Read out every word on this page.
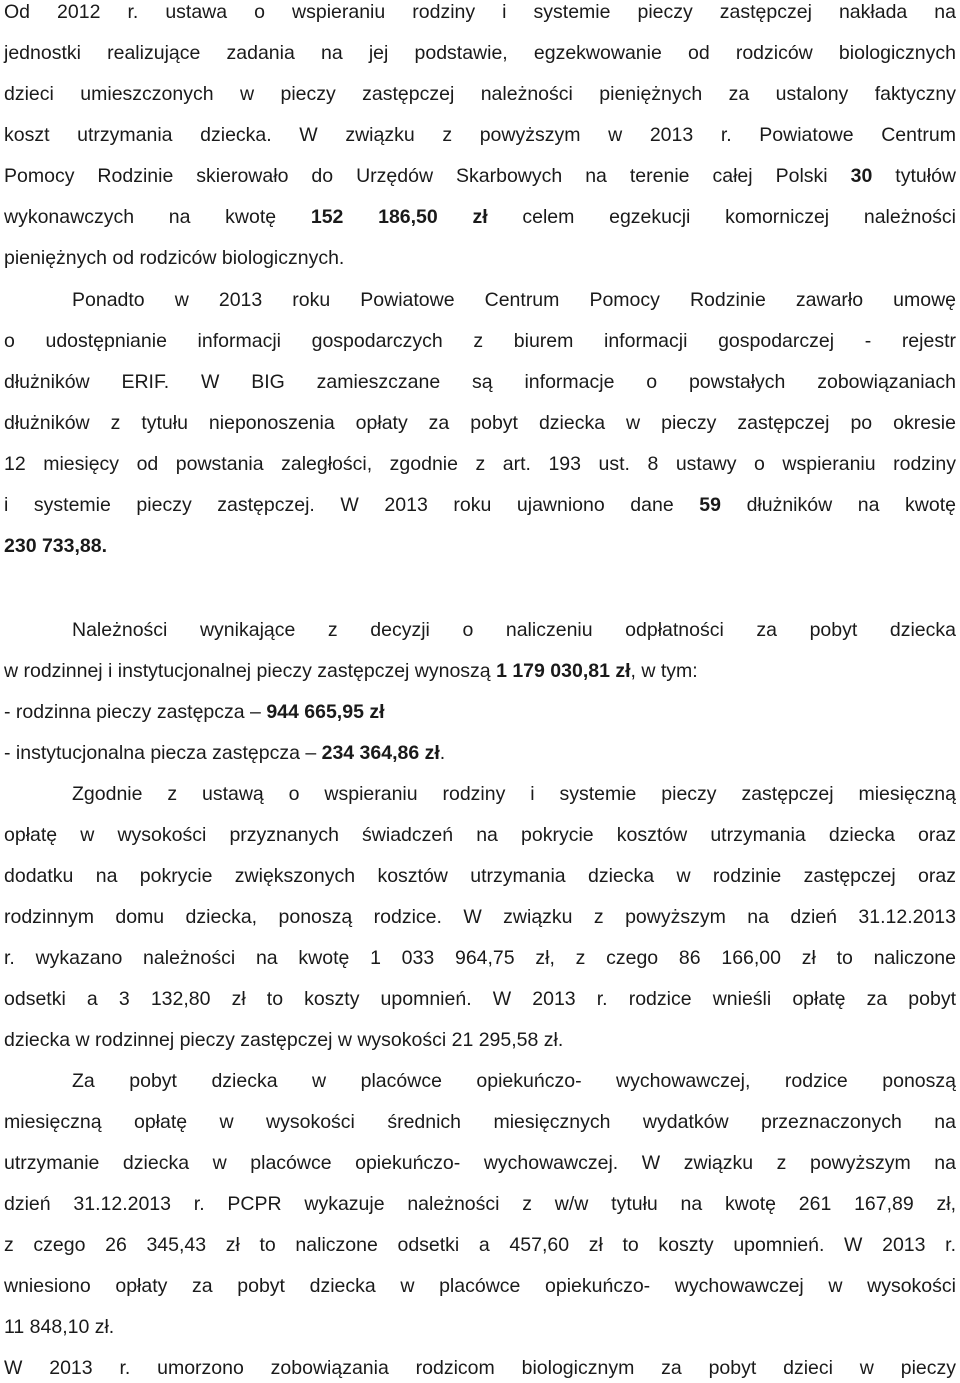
Od 2012 r. ustawa o wspieraniu rodziny i systemie pieczy zastępczej nakłada na
jednostki realizujące zadania na jej podstawie, egzekwowanie od rodziców biologicznych
dzieci umieszczonych w pieczy zastępczej należności pieniężnych za ustalony faktyczny
koszt utrzymania dziecka. W związku z powyższym w 2013 r. Powiatowe Centrum
Pomocy Rodzinie skierowało do Urzędów Skarbowych na terenie całej Polski 30 tytułów
wykonawczych na kwotę 152 186,50 zł celem egzekucji komorniczej należności
pieniężnych od rodziców biologicznych.
Ponadto w 2013 roku Powiatowe Centrum Pomocy Rodzinie zawarło umowę
o udostępnianie informacji gospodarczych z biurem informacji gospodarczej - rejestr
dłużników ERIF. W BIG zamieszczane są informacje o powstałych zobowiązaniach
dłużników z tytułu nieponoszenia opłaty za pobyt dziecka w pieczy zastępczej po okresie
12 miesięcy od powstania zaległości, zgodnie z art. 193 ust. 8 ustawy o wspieraniu rodziny
i systemie pieczy zastępczej. W 2013 roku ujawniono dane 59 dłużników na kwotę
230 733,88.
Należności wynikające z decyzji o naliczeniu odpłatności za pobyt dziecka
w rodzinnej i instytucjonalnej pieczy zastępczej wynoszą 1 179 030,81 zł, w tym:
- rodzinna pieczy zastępcza – 944 665,95 zł
- instytucjonalna piecza zastępcza – 234 364,86 zł.
Zgodnie z ustawą o wspieraniu rodziny i systemie pieczy zastępczej miesięczną
opłatę w wysokości przyznanych świadczeń na pokrycie kosztów utrzymania dziecka oraz
dodatku na pokrycie zwiększonych kosztów utrzymania dziecka w rodzinie zastępczej oraz
rodzinnym domu dziecka, ponoszą rodzice. W związku z powyższym na dzień 31.12.2013
r. wykazano należności na kwotę 1 033 964,75 zł, z czego 86 166,00 zł to naliczone
odsetki a 3 132,80 zł to koszty upomnień. W 2013 r. rodzice wnieśli opłatę za pobyt
dziecka w rodzinnej pieczy zastępczej w wysokości 21 295,58 zł.
Za pobyt dziecka w placówce opiekuńczo- wychowawczej, rodzice ponoszą
miesięczną opłatę w wysokości średnich miesięcznych wydatków przeznaczonych na
utrzymanie dziecka w placówce opiekuńczo- wychowawczej. W związku z powyższym na
dzień 31.12.2013 r. PCPR wykazuje należności z w/w tytułu na kwotę 261 167,89 zł,
z czego 26 345,43 zł to naliczone odsetki a 457,60 zł to koszty upomnień. W 2013 r.
wniesiono opłaty za pobyt dziecka w placówce opiekuńczo- wychowawczej w wysokości
11 848,10 zł.
W 2013 r. umorzono zobowiązania rodzicom biologicznym za pobyt dzieci w pieczy
